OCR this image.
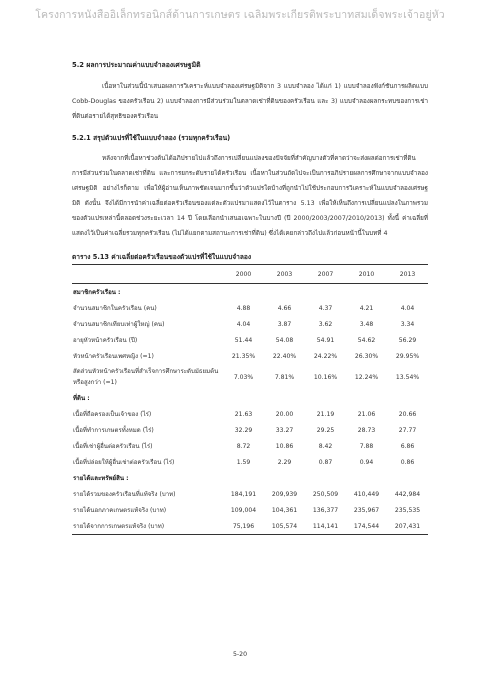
โครงการหนังสืออิเล็กทรอนิกส์ด้านการเกษตร เฉลิมพระเกียรติพระบาทสมเด็จพระเจ้าอยู่หัว
5.2 ผลการประมาณค่าแบบจำลองเศรษฐมิติ
เนื้อหาในส่วนนี้นำเสนอผลการวิเคราะห์แบบจำลองเศรษฐมิติจาก 3 แบบจำลอง ได้แก่ 1) แบบจำลองฟังก์ชันการผลิตแบบ Cobb-Douglas ของครัวเรือน 2) แบบจำลองการมีส่วนร่วมในตลาดเช่าที่ดินของครัวเรือน และ 3) แบบจำลองผลกระทบของการเช่าที่ดินต่อรายได้สุทธิของครัวเรือน
5.2.1 สรุปตัวแปรที่ใช้ในแบบจำลอง (รวมทุกครัวเรือน)
หลังจากที่เนื้อหาช่วงต้นได้อภิปรายไปแล้วถึงการเปลี่ยนแปลงของปัจจัยที่สำคัญบางตัวที่คาดว่าจะส่งผลต่อการเช่าที่ดิน การมีส่วนร่วมในตลาดเช่าที่ดิน และการยกระดับรายได้ครัวเรือน เนื้อหาในส่วนถัดไปจะเป็นการอภิปรายผลการศึกษาจากแบบจำลองเศรษฐมิติ อย่างไรก็ตาม เพื่อให้ผู้อ่านเห็นภาพชัดเจนมากขึ้นว่าตัวแปรใดบ้างที่ถูกนำไปใช้ประกอบการวิเคราะห์ในแบบจำลองเศรษฐมิติ ดังนั้น จึงได้มีการนำค่าเฉลี่ยต่อครัวเรือนของแต่ละตัวแปรมาแสดงไว้ในตาราง 5.13 เพื่อให้เห็นถึงการเปลี่ยนแปลงในภาพรวม ของตัวแปรเหล่านี้ตลอดช่วงระยะเวลา 14 ปี โดยเลือกนำเสนอเฉพาะในบางปี (ปี 2000/2003/2007/2010/2013) ทั้งนี้ ค่าเฉลี่ยที่แสดงไว้เป็นค่าเฉลี่ยรวมทุกครัวเรือน (ไม่ได้แยกตามสถานะการเช่าที่ดิน) ซึ่งได้เคยกล่าวถึงไปแล้วก่อนหน้านี้ในบทที่ 4
ตาราง 5.13 ค่าเฉลี่ยต่อครัวเรือนของตัวแปรที่ใช้ในแบบจำลอง
	2000	2003	2007	2010	2013
สมาชิกครัวเรือน :					
จำนวนสมาชิกในครัวเรือน (คน)	4.88	4.66	4.37	4.21	4.04
จำนวนสมาชิกเทียบเท่าผู้ใหญ่ (คน)	4.04	3.87	3.62	3.48	3.34
อายุหัวหน้าครัวเรือน (ปี)	51.44	54.08	54.91	54.62	56.29
หัวหน้าครัวเรือนเพศหญิง (=1)	21.35%	22.40%	24.22%	26.30%	29.95%
สัดส่วนหัวหน้าครัวเรือนที่สำเร็จการศึกษาระดับมัธยมต้นหรือสูงกว่า (=1)	7.03%	7.81%	10.16%	12.24%	13.54%
ที่ดิน :					
เนื้อที่ถือครองเป็นเจ้าของ (ไร่)	21.63	20.00	21.19	21.06	20.66
เนื้อที่ทำการเกษตรทั้งหมด (ไร่)	32.29	33.27	29.25	28.73	27.77
เนื้อที่เช่าผู้อื่นต่อครัวเรือน (ไร่)	8.72	10.86	8.42	7.88	6.86
เนื้อที่ปล่อยให้ผู้อื่นเช่าต่อครัวเรือน (ไร่)	1.59	2.29	0.87	0.94	0.86
รายได้และทรัพย์สิน :					
รายได้รวมของครัวเรือนที่แท้จริง (บาท)	184,191	209,939	250,509	410,449	442,984
รายได้นอกภาคเกษตรแท้จริง (บาท)	109,004	104,361	136,377	235,967	235,535
รายได้จากการเกษตรแท้จริง (บาท)	75,196	105,574	114,141	174,544	207,431
5-20
